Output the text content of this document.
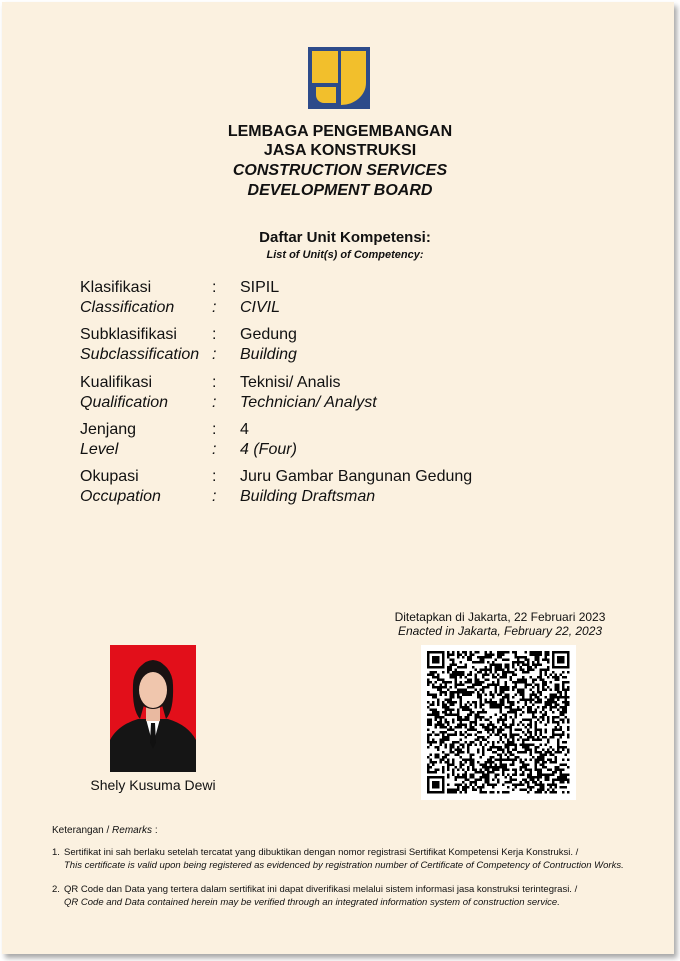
LEMBAGA PENGEMBANGAN
JASA KONSTRUKSI
CONSTRUCTION SERVICES
DEVELOPMENT BOARD
Daftar Unit Kompetensi:
List of Unit(s) of Competency:
Klasifikasi	: SIPIL
Classification : CIVIL
Subklasifikasi : Gedung
Subclassification : Building
Kualifikasi	: Teknisi/ Analis
Qualification	: Technician/ Analyst
Jenjang	: 4
Level	: 4 (Four)
Okupasi	: Juru Gambar Bangunan Gedung
Occupation	: Building Draftsman
Ditetapkan di Jakarta, 22 Februari 2023
Enacted in Jakarta, February 22, 2023
Shely Kusuma Dewi
Keterangan / Remarks :
1. Sertifikat ini sah berlaku setelah tercatat yang dibuktikan dengan nomor registrasi Sertifikat Kompetensi Kerja Konstruksi. /
This certificate is valid upon being registered as evidenced by registration number of Certificate of Competency of Contruction Works.
2. QR Code dan Data yang tertera dalam sertifikat ini dapat diverifikasi melalui sistem informasi jasa konstruksi terintegrasi. /
QR Code and Data contained herein may be verified through an integrated information system of construction service.
